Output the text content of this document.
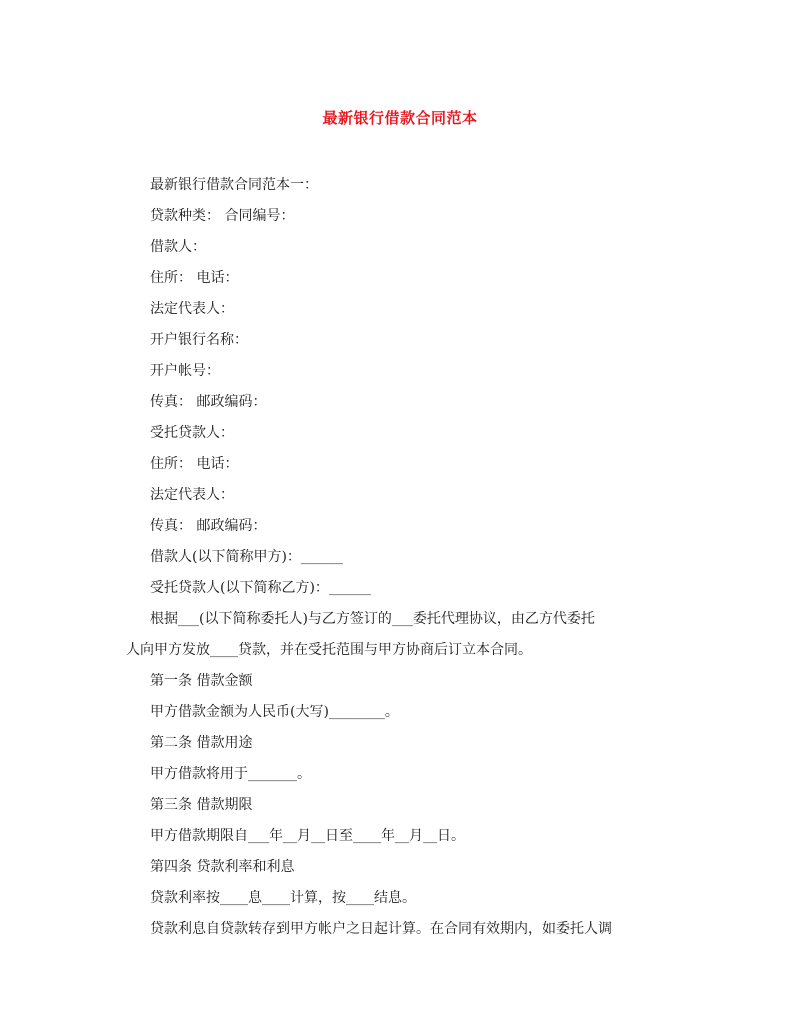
最新银行借款合同范本
最新银行借款合同范本一：
贷款种类： 合同编号：
借款人：
住所： 电话：
法定代表人：
开户银行名称：
开户帐号：
传真： 邮政编码：
受托贷款人：
住所： 电话：
法定代表人：
传真： 邮政编码：
借款人(以下简称甲方)：______
受托贷款人(以下简称乙方)：______
根据___(以下简称委托人)与乙方签订的___委托代理协议，由乙方代委托
人向甲方发放____贷款，并在受托范围与甲方协商后订立本合同。
第一条 借款金额
甲方借款金额为人民币(大写)________。
第二条 借款用途
甲方借款将用于_______。
第三条 借款期限
甲方借款期限自___年__月__日至____年__月__日。
第四条 贷款利率和利息
贷款利率按____息____计算，按____结息。
贷款利息自贷款转存到甲方帐户之日起计算。在合同有效期内，如委托人调
